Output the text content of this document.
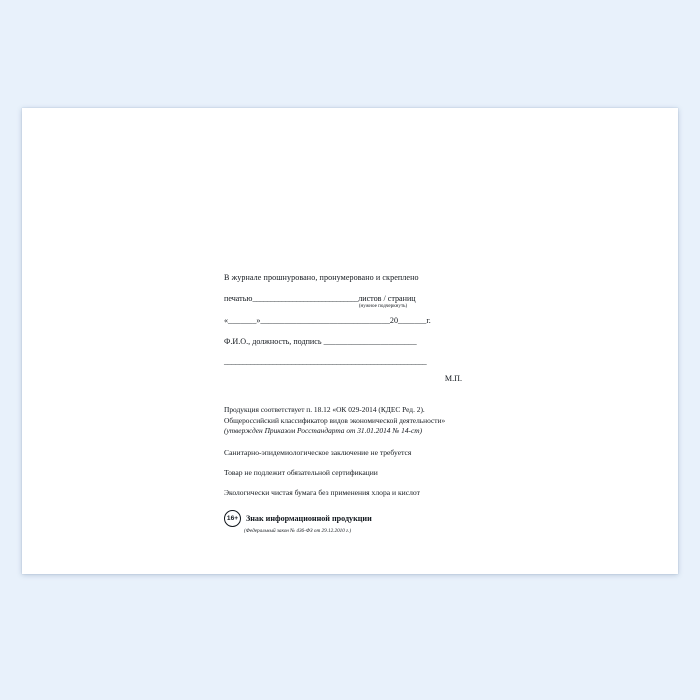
В журнале прошнуровано, пронумеровано и скреплено
печатью_____________________________листов / страниц
(нужное подчеркнуть)
«_______»________________________________20_______г.
Ф.И.О., должность, подпись _______________________
______________________________________________________
М.П.
Продукция соответствует п. 18.12 «ОК 029-2014 (КДЕС Ред. 2).
Общероссийский классификатор видов экономической деятельности»
(утвержден Приказом Росстандарта от 31.01.2014 № 14-ст)
Санитарно-эпидемиологическое заключение не требуется
Товар не подлежит обязательной сертификации
Экологически чистая бумага без применения хлора и кислот
16+ Знак информационной продукции
(Федеральный закон № 436-ФЗ от 29.12.2010 г.)
